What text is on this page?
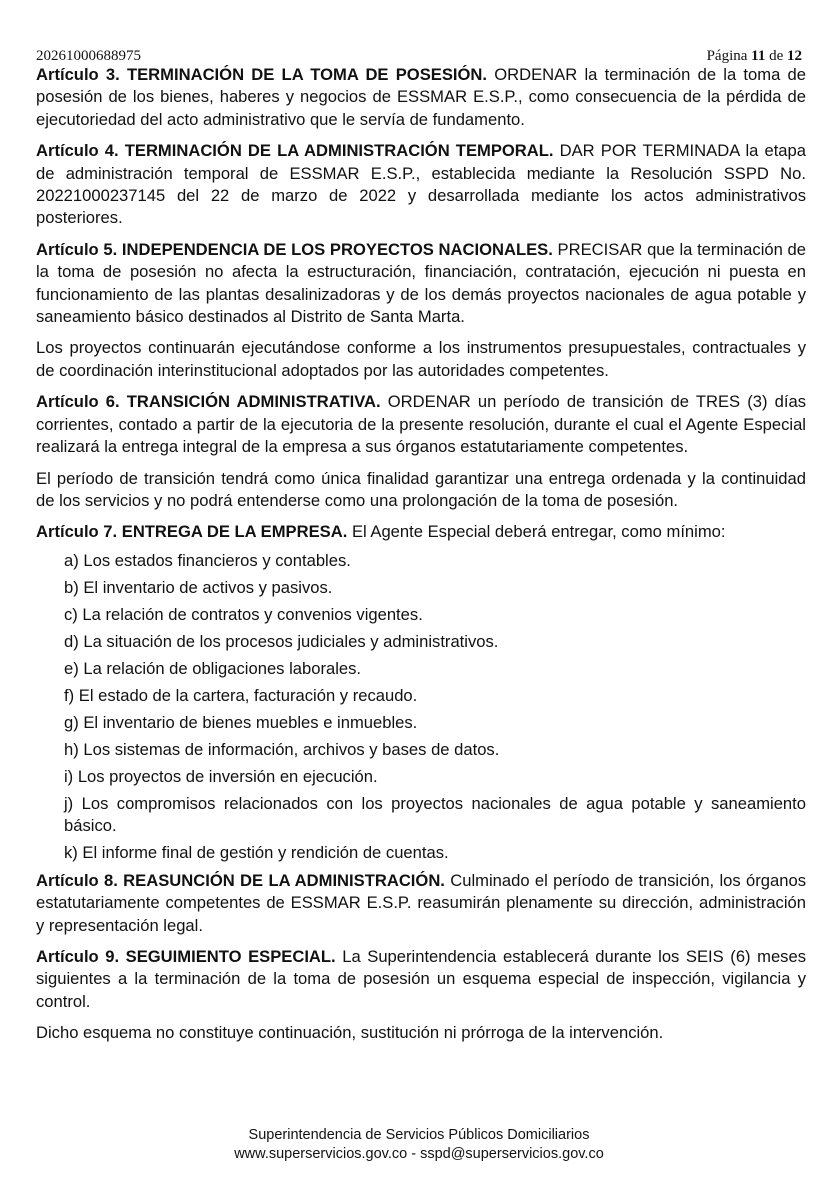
20261000688975	Página 11 de 12

Artículo 3. TERMINACIÓN DE LA TOMA DE POSESIÓN. ORDENAR la terminación de la toma de posesión de los bienes, haberes y negocios de ESSMAR E.S.P., como consecuencia de la pérdida de ejecutoriedad del acto administrativo que le servía de fundamento.

Artículo 4. TERMINACIÓN DE LA ADMINISTRACIÓN TEMPORAL. DAR POR TERMINADA la etapa de administración temporal de ESSMAR E.S.P., establecida mediante la Resolución SSPD No. 20221000237145 del 22 de marzo de 2022 y desarrollada mediante los actos administrativos posteriores.

Artículo 5. INDEPENDENCIA DE LOS PROYECTOS NACIONALES. PRECISAR que la terminación de la toma de posesión no afecta la estructuración, financiación, contratación, ejecución ni puesta en funcionamiento de las plantas desalinizadoras y de los demás proyectos nacionales de agua potable y saneamiento básico destinados al Distrito de Santa Marta.

Los proyectos continuarán ejecutándose conforme a los instrumentos presupuestales, contractuales y de coordinación interinstitucional adoptados por las autoridades competentes.

Artículo 6. TRANSICIÓN ADMINISTRATIVA. ORDENAR un período de transición de TRES (3) días corrientes, contado a partir de la ejecutoria de la presente resolución, durante el cual el Agente Especial realizará la entrega integral de la empresa a sus órganos estatutariamente competentes.

El período de transición tendrá como única finalidad garantizar una entrega ordenada y la continuidad de los servicios y no podrá entenderse como una prolongación de la toma de posesión.

Artículo 7. ENTREGA DE LA EMPRESA. El Agente Especial deberá entregar, como mínimo:

a) Los estados financieros y contables.
b) El inventario de activos y pasivos.
c) La relación de contratos y convenios vigentes.
d) La situación de los procesos judiciales y administrativos.
e) La relación de obligaciones laborales.
f) El estado de la cartera, facturación y recaudo.
g) El inventario de bienes muebles e inmuebles.
h) Los sistemas de información, archivos y bases de datos.
i) Los proyectos de inversión en ejecución.
j) Los compromisos relacionados con los proyectos nacionales de agua potable y saneamiento básico.
k) El informe final de gestión y rendición de cuentas.

Artículo 8. REASUNCIÓN DE LA ADMINISTRACIÓN. Culminado el período de transición, los órganos estatutariamente competentes de ESSMAR E.S.P. reasumirán plenamente su dirección, administración y representación legal.

Artículo 9. SEGUIMIENTO ESPECIAL. La Superintendencia establecerá durante los SEIS (6) meses siguientes a la terminación de la toma de posesión un esquema especial de inspección, vigilancia y control.

Dicho esquema no constituye continuación, sustitución ni prórroga de la intervención.

Superintendencia de Servicios Públicos Domiciliarios
www.superservicios.gov.co - sspd@superservicios.gov.co
